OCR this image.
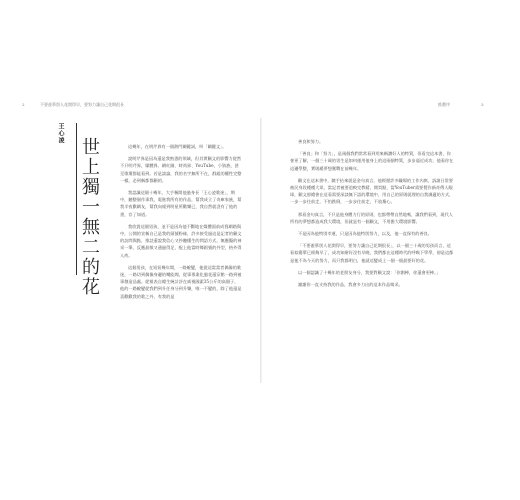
2	不要羨慕別人花開得早，要努力讓自己花期很長	推薦序	3
王心凌
世上獨一無二的花	這幾年，在明芹界有一個熱門關鍵詞，叫「關鍵文」。

說明芹界是因為還是我熟悉的領域，但其實顧文的影響力從然不只明芹界，媒體界、網紅圈、時尚界、YouTube、小資族、甚至歌壇都能看到。若是談論，我的名字無所不在，群組的權性完整一樣，必到稱都都顧的。

我認識這個十幾年，大手稱開他過身長「王心凌歌迷」，期中，聽整個作事我，電進我所有的作品，幫我成立了奇庫家族，幫我半夜歡網友，幫我向報到明星所歡樂已，我自然就沒有了他的書，存了知道。

我欣賞這個男孩，並不是因為他不斷地在媒體面前成寫網路與中，公開的宣稱自己是我的頭號粉絲，許多接受過這是記者的顧文的訪問與點，推話還說我信心又抄聽懂生的問語方式，無應擬的神采一筆，反應最敏又通過得足，配上他當時舞蹈號的外型，格外得人疼。

這個男孩，在短短幾年間，一路蛻變，他從這當當者偶像的歌迷，一路切到偶像身邊的嘴能聞，從事專業化風花還穿館一路到被事創造品處。從報表自總生統計評在威視國素35公斤的高個子，他的一路蛻變從我們到升任身分到升樂，唯一不變的，除了他還是喜歡歡我的歌之外，有我的是

善良和努力。

「善良」和「努力」，是兩個我們常常看到用來稱讚好人的特質，但看完這本書，你會更了解，一個三十歲的男生是如何運用他身上的這兩個特質，步步逼近成功，他看你在這邊學整，實則緩夢想奮戰在前幾年。

顧文在這本書中，隨手拈來就是金句真言，他經歷許多職場的工作內窩，訴諸日常要被民身段種種大眾，當記者被要追較完教精，開買點，當YouTuber需要製作新奇傳人眼球，顧文卻總會在這看需要深談無下語的環境中，用自己的原則就理的自我調適的方式，一步一步往前走，不怕跌倒，一步步往前走，不放棄心。

那看金句真言，不只是他身體力行的原則，也都帶帶自然地嗎，讓我們看到，現代人所有的夢想都造成我大環境，但就是有一個顧文，不用擔大環境影響。

不是因為他特別幸運，只是因為他特別努力，以及，他一直保有的善良。

「不要羨慕別人花開得早，要努力讓自己花期很長」，以一個三十歲的男孩而言，這看似簡單已經夠早了，成功知耐好沒有早晚，我們都在這種時代的呼喚下學學，卻是這都是他不為今天的努力，而只我都明白，他就這變成上一個一個最要好的花。

以一個認識了十幾年的老朋友身分，我要對顧文說：「你創棒，你還會更棒。」

謝謝你一直支持我的作品，我會多力出的這本作品喝采。
